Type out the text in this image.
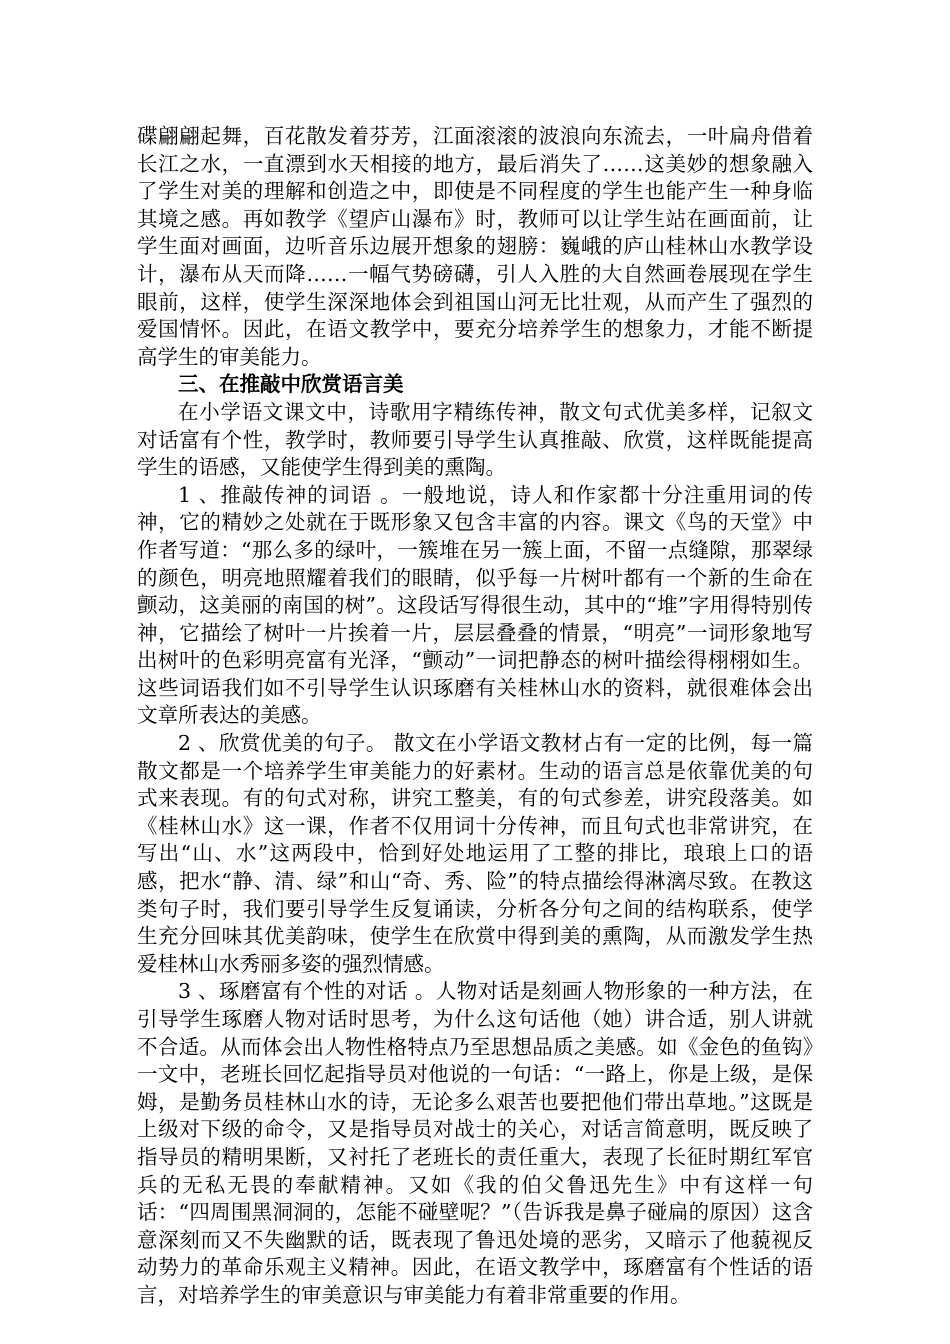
碟翩翩起舞，百花散发着芬芳，江面滚滚的波浪向东流去，一叶扁舟借着长江之水，一直漂到水天相接的地方，最后消失了……这美妙的想象融入了学生对美的理解和创造之中，即使是不同程度的学生也能产生一种身临其境之感。再如教学《望庐山瀑布》时，教师可以让学生站在画面前，让学生面对画面，边听音乐边展开想象的翅膀：巍峨的庐山桂林山水教学设计，瀑布从天而降……一幅气势磅礴，引人入胜的大自然画卷展现在学生眼前，这样，使学生深深地体会到祖国山河无比壮观，从而产生了强烈的爱国情怀。因此，在语文教学中，要充分培养学生的想象力，才能不断提高学生的审美能力。

三、在推敲中欣赏语言美

在小学语文课文中，诗歌用字精练传神，散文句式优美多样，记叙文对话富有个性，教学时，教师要引导学生认真推敲、欣赏，这样既能提高学生的语感，又能使学生得到美的熏陶。

1 、推敲传神的词语 。一般地说，诗人和作家都十分注重用词的传神，它的精妙之处就在于既形象又包含丰富的内容。课文《鸟的天堂》中作者写道：“那么多的绿叶，一簇堆在另一簇上面，不留一点缝隙，那翠绿的颜色，明亮地照耀着我们的眼睛，似乎每一片树叶都有一个新的生命在颤动，这美丽的南国的树”。这段话写得很生动，其中的“堆”字用得特别传神，它描绘了树叶一片挨着一片，层层叠叠的情景，“明亮”一词形象地写出树叶的色彩明亮富有光泽，“颤动”一词把静态的树叶描绘得栩栩如生。这些词语我们如不引导学生认识琢磨有关桂林山水的资料，就很难体会出文章所表达的美感。

2 、欣赏优美的句子。 散文在小学语文教材占有一定的比例，每一篇散文都是一个培养学生审美能力的好素材。生动的语言总是依靠优美的句式来表现。有的句式对称，讲究工整美，有的句式参差，讲究段落美。如《桂林山水》这一课，作者不仅用词十分传神，而且句式也非常讲究，在写出“山、水”这两段中，恰到好处地运用了工整的排比，琅琅上口的语感，把水“静、清、绿”和山“奇、秀、险”的特点描绘得淋漓尽致。在教这类句子时，我们要引导学生反复诵读，分析各分句之间的结构联系，使学生充分回味其优美韵味，使学生在欣赏中得到美的熏陶，从而激发学生热爱桂林山水秀丽多姿的强烈情感。

3 、琢磨富有个性的对话 。人物对话是刻画人物形象的一种方法，在引导学生琢磨人物对话时思考，为什么这句话他（她）讲合适，别人讲就不合适。从而体会出人物性格特点乃至思想品质之美感。如《金色的鱼钩》一文中，老班长回忆起指导员对他说的一句话：“一路上，你是上级，是保姆，是勤务员桂林山水的诗，无论多么艰苦也要把他们带出草地。”这既是上级对下级的命令，又是指导员对战士的关心，对话言简意明，既反映了指导员的精明果断，又衬托了老班长的责任重大，表现了长征时期红军官兵的无私无畏的奉献精神。又如《我的伯父鲁迅先生》中有这样一句话：“四周围黑洞洞的，怎能不碰壁呢？”（告诉我是鼻子碰扁的原因）这含意深刻而又不失幽默的话，既表现了鲁迅处境的恶劣，又暗示了他藐视反动势力的革命乐观主义精神。因此，在语文教学中，琢磨富有个性话的语言，对培养学生的审美意识与审美能力有着非常重要的作用。
